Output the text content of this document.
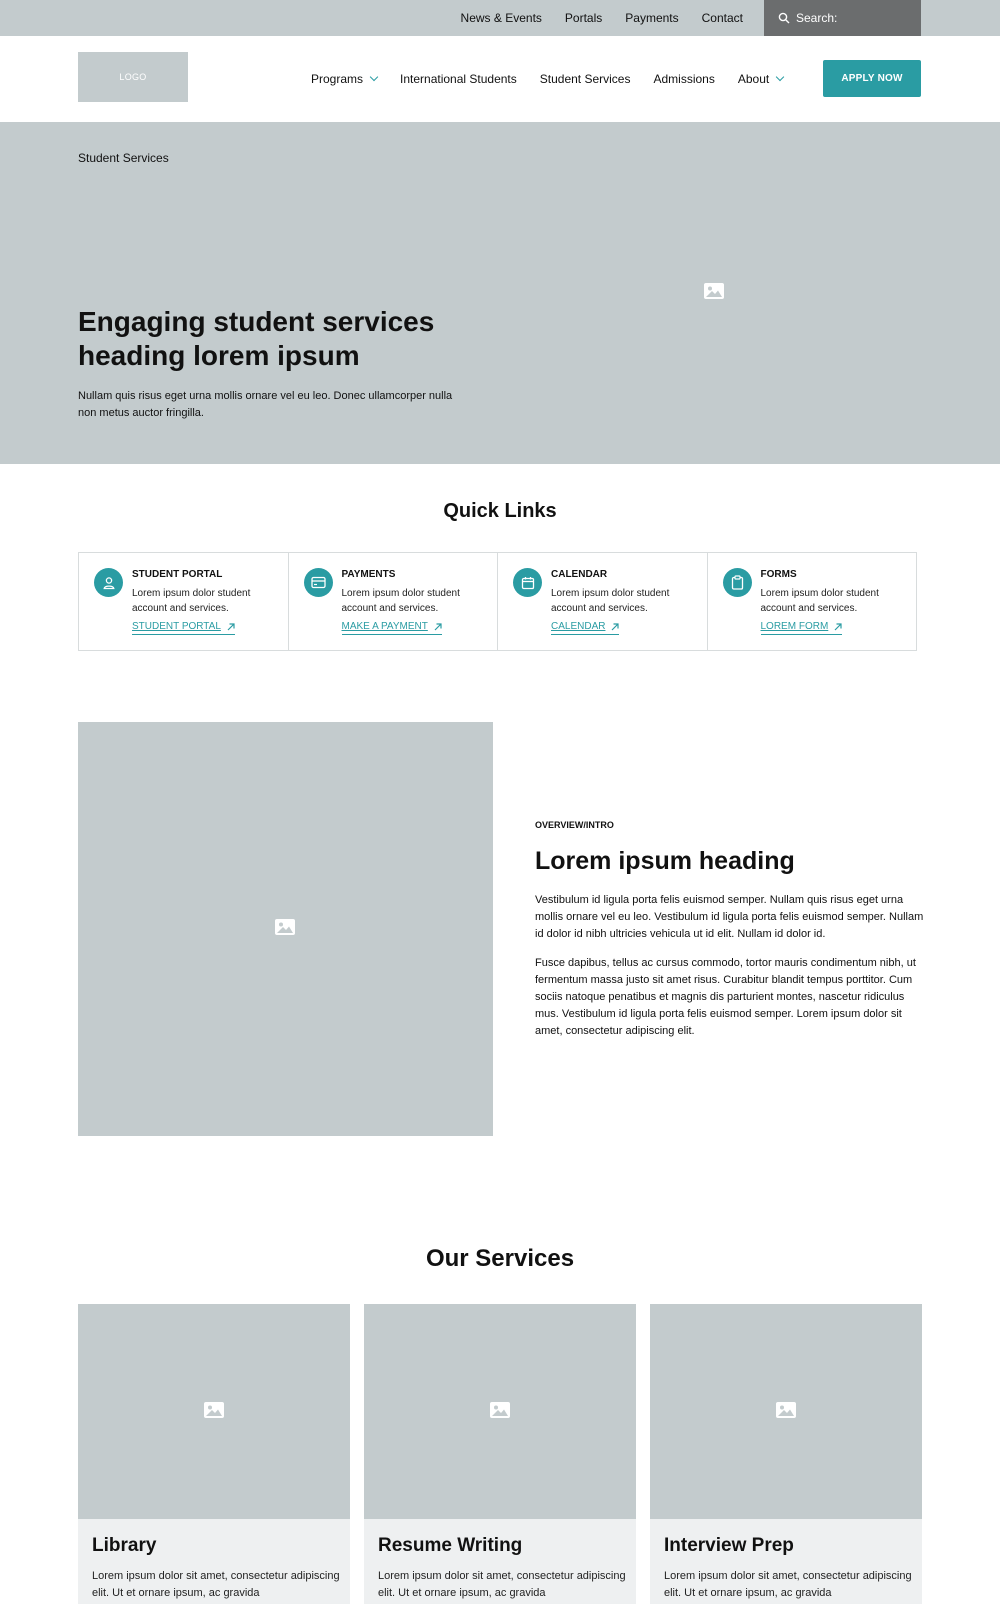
News & Events Portals Payments Contact	Search:
LOGO	Programs	International Students Student Services Admissions About	APPLY NOW
Student Services
Engaging student services heading lorem ipsum

Nullam quis risus eget urna mollis ornare vel eu leo. Donec ullamcorper nulla non metus auctor fringilla.

Quick Links
STUDENT PORTAL
Lorem ipsum dolor student account and services.
STUDENT PORTAL
PAYMENTS
Lorem ipsum dolor student account and services.
MAKE A PAYMENT
CALENDAR
Lorem ipsum dolor student account and services.
CALENDAR
FORMS
Lorem ipsum dolor student account and services.
LOREM FORM
OVERVIEW/INTRO
Lorem ipsum heading

Vestibulum id ligula porta felis euismod semper. Nullam quis risus eget urna mollis ornare vel eu leo. Vestibulum id ligula porta felis euismod semper. Nullam id dolor id nibh ultricies vehicula ut id elit. Nullam id dolor id.

Fusce dapibus, tellus ac cursus commodo, tortor mauris condimentum nibh, ut fermentum massa justo sit amet risus. Curabitur blandit tempus porttitor. Cum sociis natoque penatibus et magnis dis parturient montes, nascetur ridiculus mus. Vestibulum id ligula porta felis euismod semper. Lorem ipsum dolor sit amet, consectetur adipiscing elit.

Our Services
Library

Lorem ipsum dolor sit amet, consectetur adipiscing elit. Ut et ornare ipsum, ac gravida

Resume Writing

Lorem ipsum dolor sit amet, consectetur adipiscing elit. Ut et ornare ipsum, ac gravida

Interview Prep

Lorem ipsum dolor sit amet, consectetur adipiscing elit. Ut et ornare ipsum, ac gravida
